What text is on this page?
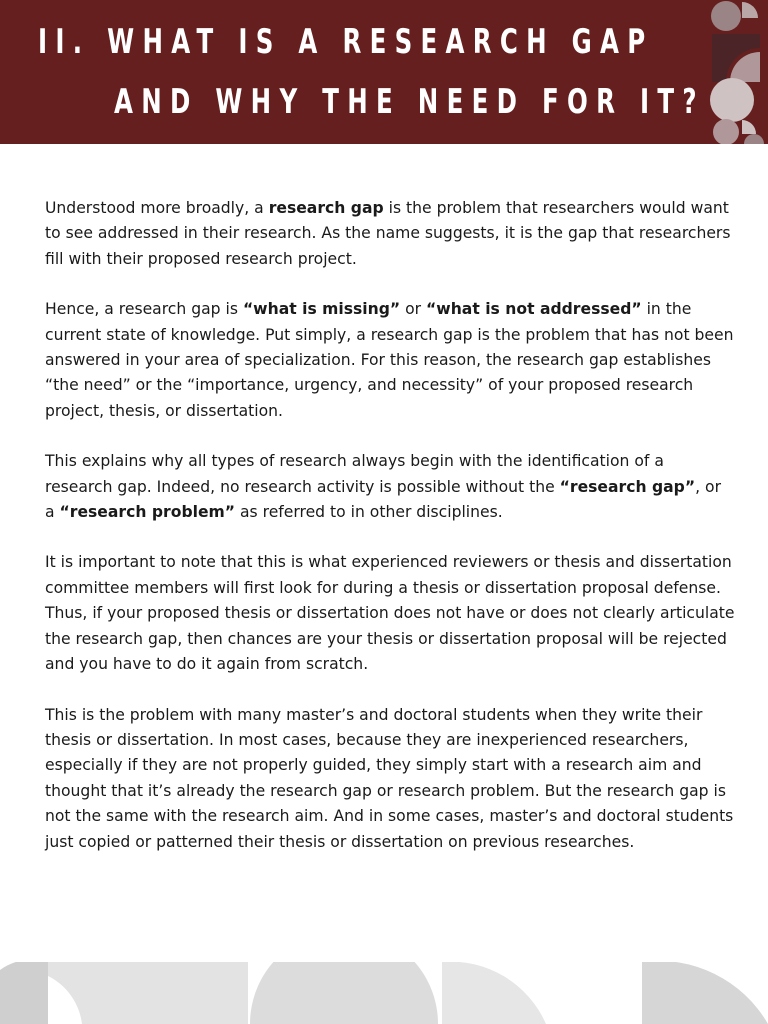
II. WHAT IS A RESEARCH GAP
AND WHY THE NEED FOR IT?

Understood more broadly, a research gap is the problem that researchers would want to see addressed in their research. As the name suggests, it is the gap that researchers fill with their proposed research project.

Hence, a research gap is “what is missing” or “what is not addressed” in the current state of knowledge. Put simply, a research gap is the problem that has not been answered in your area of specialization. For this reason, the research gap establishes “the need” or the “importance, urgency, and necessity” of your proposed research project, thesis, or dissertation.

This explains why all types of research always begin with the identification of a research gap. Indeed, no research activity is possible without the “research gap”, or a “research problem” as referred to in other disciplines.

It is important to note that this is what experienced reviewers or thesis and dissertation committee members will first look for during a thesis or dissertation proposal defense. Thus, if your proposed thesis or dissertation does not have or does not clearly articulate the research gap, then chances are your thesis or dissertation proposal will be rejected and you have to do it again from scratch.

This is the problem with many master’s and doctoral students when they write their thesis or dissertation. In most cases, because they are inexperienced researchers, especially if they are not properly guided, they simply start with a research aim and thought that it’s already the research gap or research problem. But the research gap is not the same with the research aim. And in some cases, master’s and doctoral students just copied or patterned their thesis or dissertation on previous researches.
